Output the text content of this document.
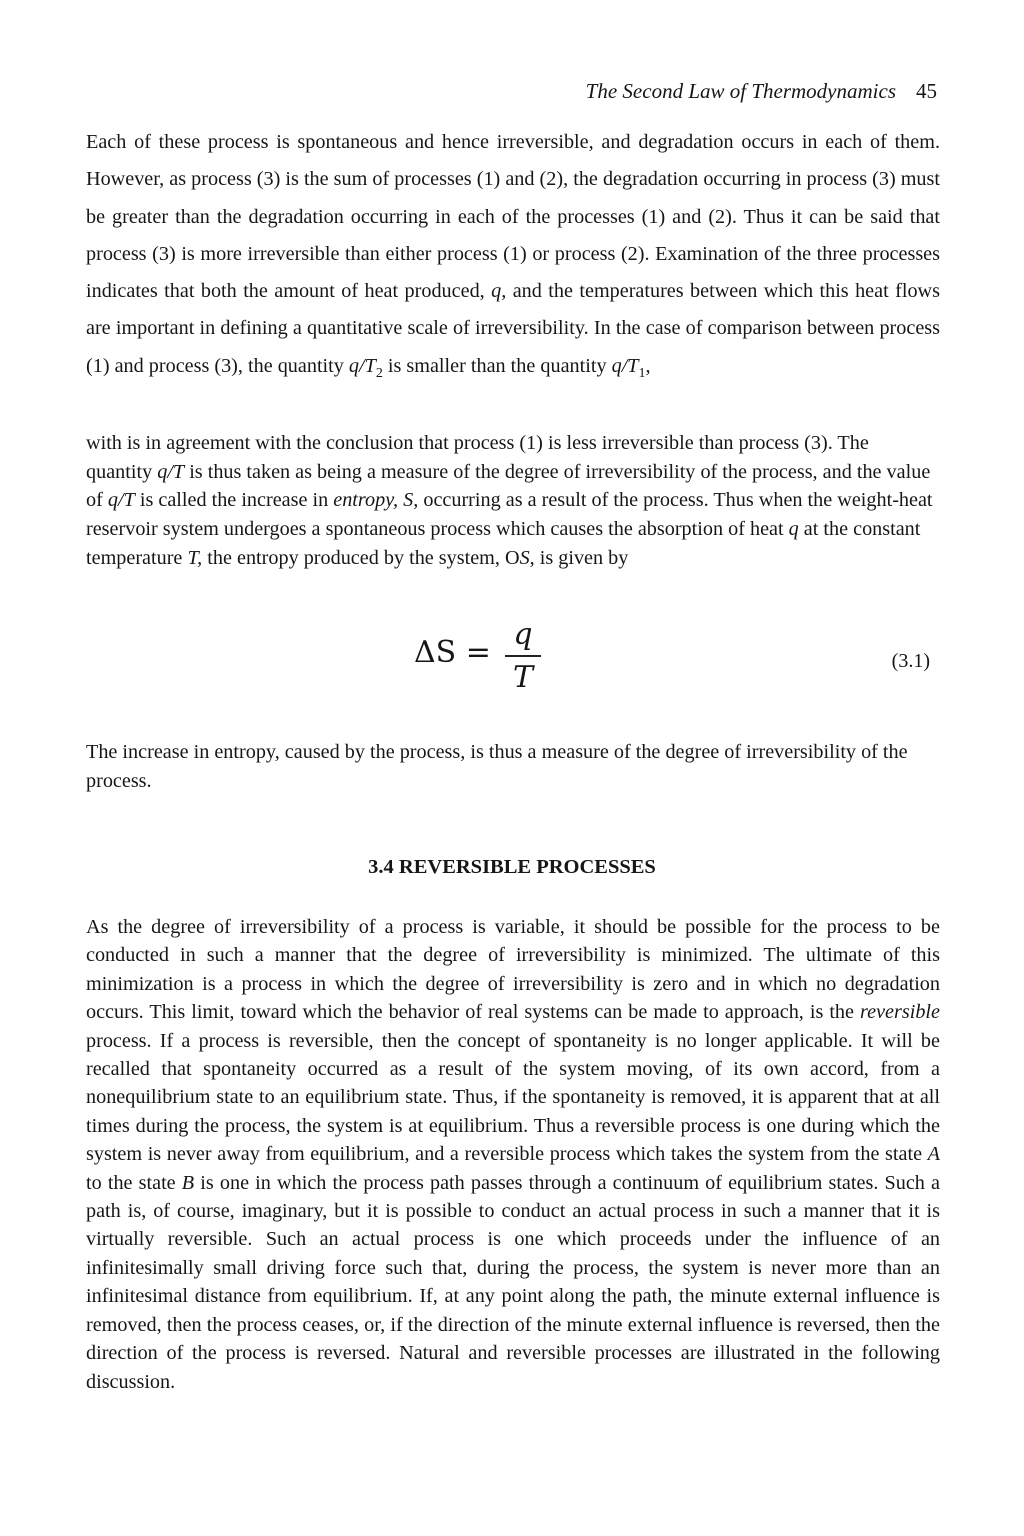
The Second Law of Thermodynamics 45

Each of these process is spontaneous and hence irreversible, and degradation occurs in each of them. However, as process (3) is the sum of processes (1) and (2), the degradation occurring in process (3) must be greater than the degradation occurring in each of the processes (1) and (2). Thus it can be said that process (3) is more irreversible than either process (1) or process (2). Examination of the three processes indicates that both the amount of heat produced, q, and the temperatures between which this heat flows are important in defining a quantitative scale of irreversibility. In the case of comparison between process (1) and process (3), the quantity $q/T_2$ is smaller than the quantity $q/T_1$,

with is in agreement with the conclusion that process (1) is less irreversible than process (3). The quantity q/T is thus taken as being a measure of the degree of irreversibility of the process, and the value of q/T is called the increase in entropy, S, occurring as a result of the process. Thus when the weight-heat reservoir system undergoes a spontaneous process which causes the absorption of heat q at the constant temperature T, the entropy produced by the system, OS, is given by

ΔS =
q
T	(3.1)

The increase in entropy, caused by the process, is thus a measure of the degree of irreversibility of the process.

3.4 REVERSIBLE PROCESSES

As the degree of irreversibility of a process is variable, it should be possible for the process to be conducted in such a manner that the degree of irreversibility is minimized. The ultimate of this minimization is a process in which the degree of irreversibility is zero and in which no degradation occurs. This limit, toward which the behavior of real systems can be made to approach, is the reversible process. If a process is reversible, then the concept of spontaneity is no longer applicable. It will be recalled that spontaneity occurred as a result of the system moving, of its own accord, from a nonequilibrium state to an equilibrium state. Thus, if the spontaneity is removed, it is apparent that at all times during the process, the system is at equilibrium. Thus a reversible process is one during which the system is never away from equilibrium, and a reversible process which takes the system from the state A to the state B is one in which the process path passes through a continuum of equilibrium states. Such a path is, of course, imaginary, but it is possible to conduct an actual process in such a manner that it is virtually reversible. Such an actual process is one which proceeds under the influence of an infinitesimally small driving force such that, during the process, the system is never more than an infinitesimal distance from equilibrium. If, at any point along the path, the minute external influence is removed, then the process ceases, or, if the direction of the minute external influence is reversed, then the direction of the process is reversed. Natural and reversible processes are illustrated in the following discussion.
